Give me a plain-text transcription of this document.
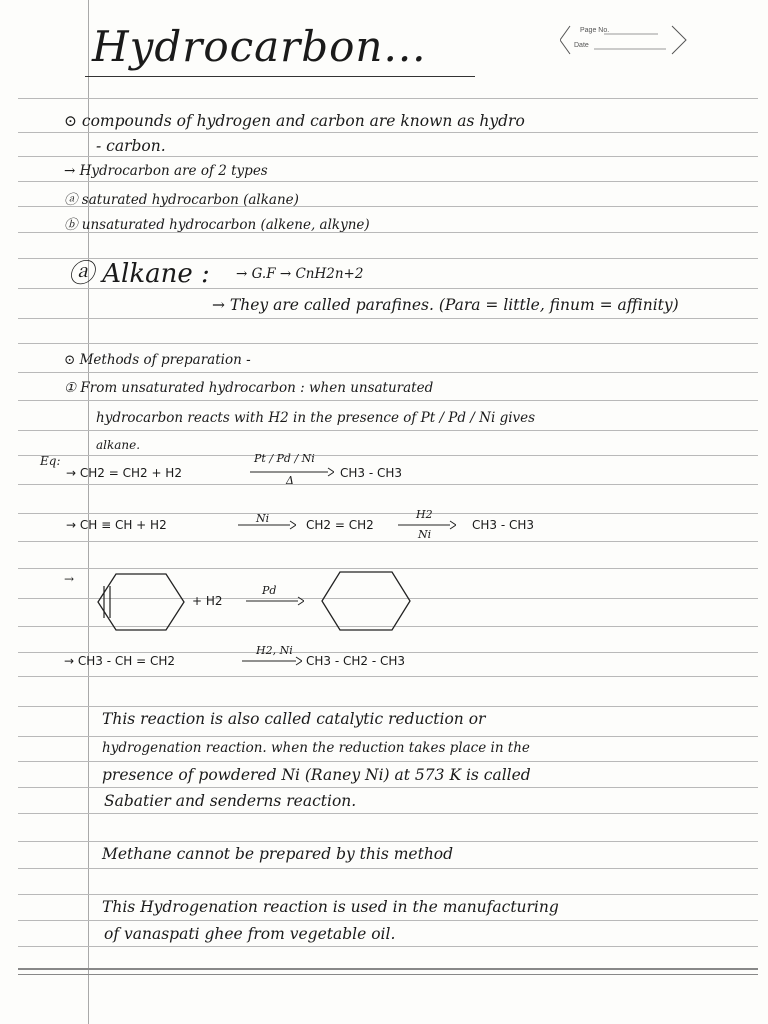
Hydrocarbon...	Page No.
Date
⊙ compounds of hydrogen and carbon are known as hydro
- carbon.
→ Hydrocarbon are of 2 types
ⓐ saturated hydrocarbon (alkane)
ⓑ unsaturated hydrocarbon (alkene, alkyne)
ⓐ Alkane : → G.F → CnH2n+2
→ They are called parafines. (Para = little, finum = affinity)
⊙ Methods of preparation -
① From unsaturated hydrocarbon : when unsaturated
hydrocarbon reacts with H2 in the presence of Pt / Pd / Ni gives
alkane.
Eq:
→ CH2 = CH2 + H2
Pt / Pd / Ni
Δ
CH3 - CH3
→ CH ≡ CH + H2	Ni	CH2 = CH2
H2
Ni
CH3 - CH3
→
+ H2
Pd
→ CH3 - CH = CH2
H2, Ni
CH3 - CH2 - CH3
This reaction is also called catalytic reduction or
hydrogenation reaction. when the reduction takes place in the
presence of powdered Ni (Raney Ni) at 573 K is called
Sabatier and senderns reaction.
Methane cannot be prepared by this method
This Hydrogenation reaction is used in the manufacturing
of vanaspati ghee from vegetable oil.
